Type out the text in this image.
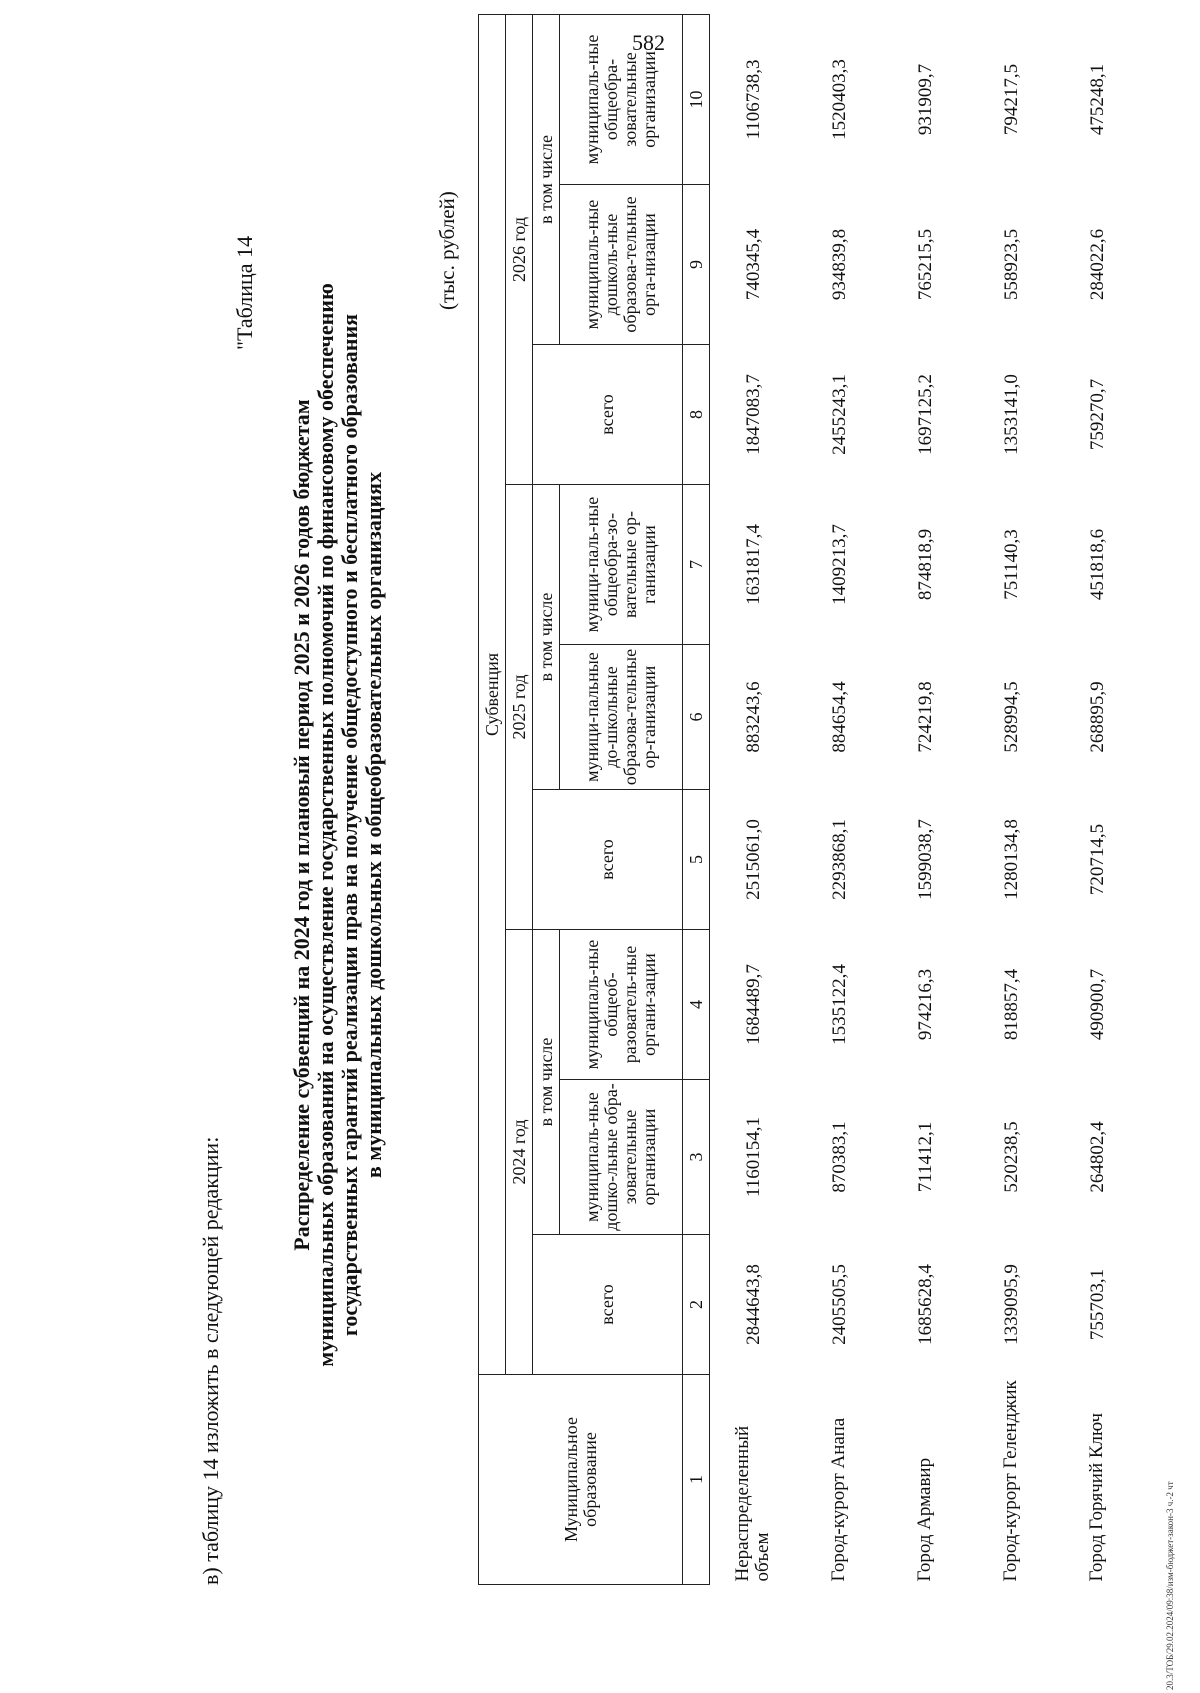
582
20.3/ТОБ/29.02.2024/09:38/изм-бюджет-закон-3 ч.-2 чт
в) таблицу 14 изложить в следующей редакции:
"Таблица 14
Распределение субвенций на 2024 год и плановый период 2025 и 2026 годов бюджетам муниципальных образований на осуществление государственных полномочий по финансовому обеспечению государственных гарантий реализации прав на получение общедоступного и бесплатного образования в муниципальных дошкольных и общеобразовательных организациях
(тыс. рублей)
Муниципальное образование	Субвенция								
	2024 год			2025 год			2026 год		
	всего	в том числе		всего	в том числе		всего	в том числе	
		муниципаль-ные дошко-льные обра-зовательные организации	муниципаль-ные общеоб-разователь-ные органи-зации		муници-пальные до-школьные образова-тельные ор-ганизации	муници-паль-ные общеобра-зо-вательные ор-ганизации		муниципаль-ные дошколь-ные образова-тельные орга-низации	муниципаль-ные общеобра-зовательные организации
1	2	3	4	5	6	7	8	9	10
Нераспределенный объем	2844643,8	1160154,1	1684489,7	2515061,0	883243,6	1631817,4	1847083,7	740345,4	1106738,3
Город-курорт Анапа	2405505,5	870383,1	1535122,4	2293868,1	884654,4	1409213,7	2455243,1	934839,8	1520403,3
Город Армавир	1685628,4	711412,1	974216,3	1599038,7	724219,8	874818,9	1697125,2	765215,5	931909,7
Город-курорт Геленджик	1339095,9	520238,5	818857,4	1280134,8	528994,5	751140,3	1353141,0	558923,5	794217,5
Город Горячий Ключ	755703,1	264802,4	490900,7	720714,5	268895,9	451818,6	759270,7	284022,6	475248,1
